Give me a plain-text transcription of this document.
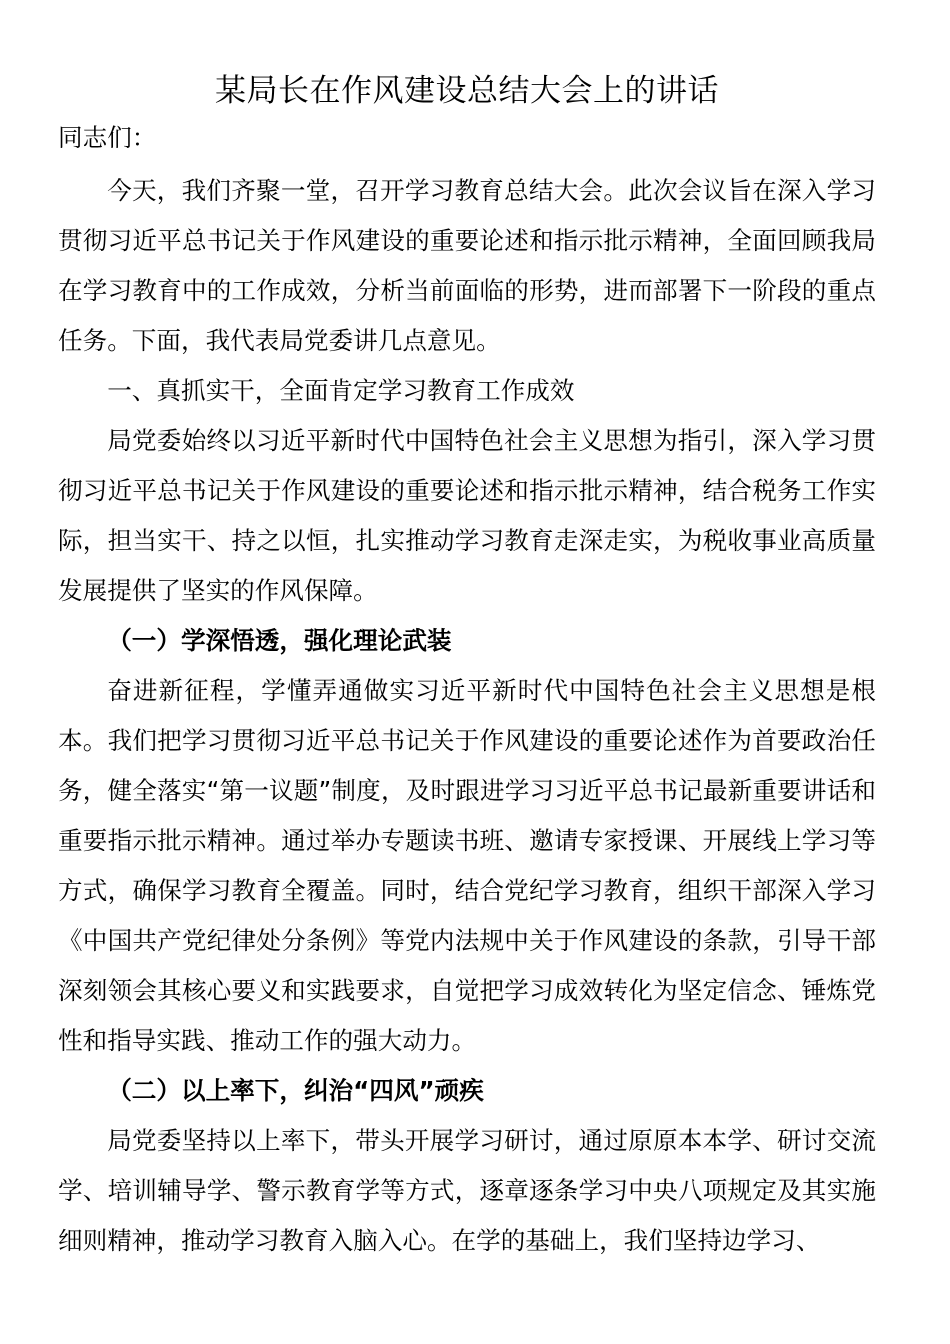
某局长在作风建设总结大会上的讲话

同志们：

今天，我们齐聚一堂，召开学习教育总结大会。此次会议旨在深入学习贯彻习近平总书记关于作风建设的重要论述和指示批示精神，全面回顾我局在学习教育中的工作成效，分析当前面临的形势，进而部署下一阶段的重点任务。下面，我代表局党委讲几点意见。

一、真抓实干，全面肯定学习教育工作成效

局党委始终以习近平新时代中国特色社会主义思想为指引，深入学习贯彻习近平总书记关于作风建设的重要论述和指示批示精神，结合税务工作实际，担当实干、持之以恒，扎实推动学习教育走深走实，为税收事业高质量发展提供了坚实的作风保障。

（一）学深悟透，强化理论武装

奋进新征程，学懂弄通做实习近平新时代中国特色社会主义思想是根本。我们把学习贯彻习近平总书记关于作风建设的重要论述作为首要政治任务，健全落实“第一议题”制度，及时跟进学习习近平总书记最新重要讲话和重要指示批示精神。通过举办专题读书班、邀请专家授课、开展线上学习等方式，确保学习教育全覆盖。同时，结合党纪学习教育，组织干部深入学习《中国共产党纪律处分条例》等党内法规中关于作风建设的条款，引导干部深刻领会其核心要义和实践要求，自觉把学习成效转化为坚定信念、锤炼党性和指导实践、推动工作的强大动力。

（二）以上率下，纠治“四风”顽疾

局党委坚持以上率下，带头开展学习研讨，通过原原本本学、研讨交流学、培训辅导学、警示教育学等方式，逐章逐条学习中央八项规定及其实施细则精神，推动学习教育入脑入心。在学的基础上，我们坚持边学习、
